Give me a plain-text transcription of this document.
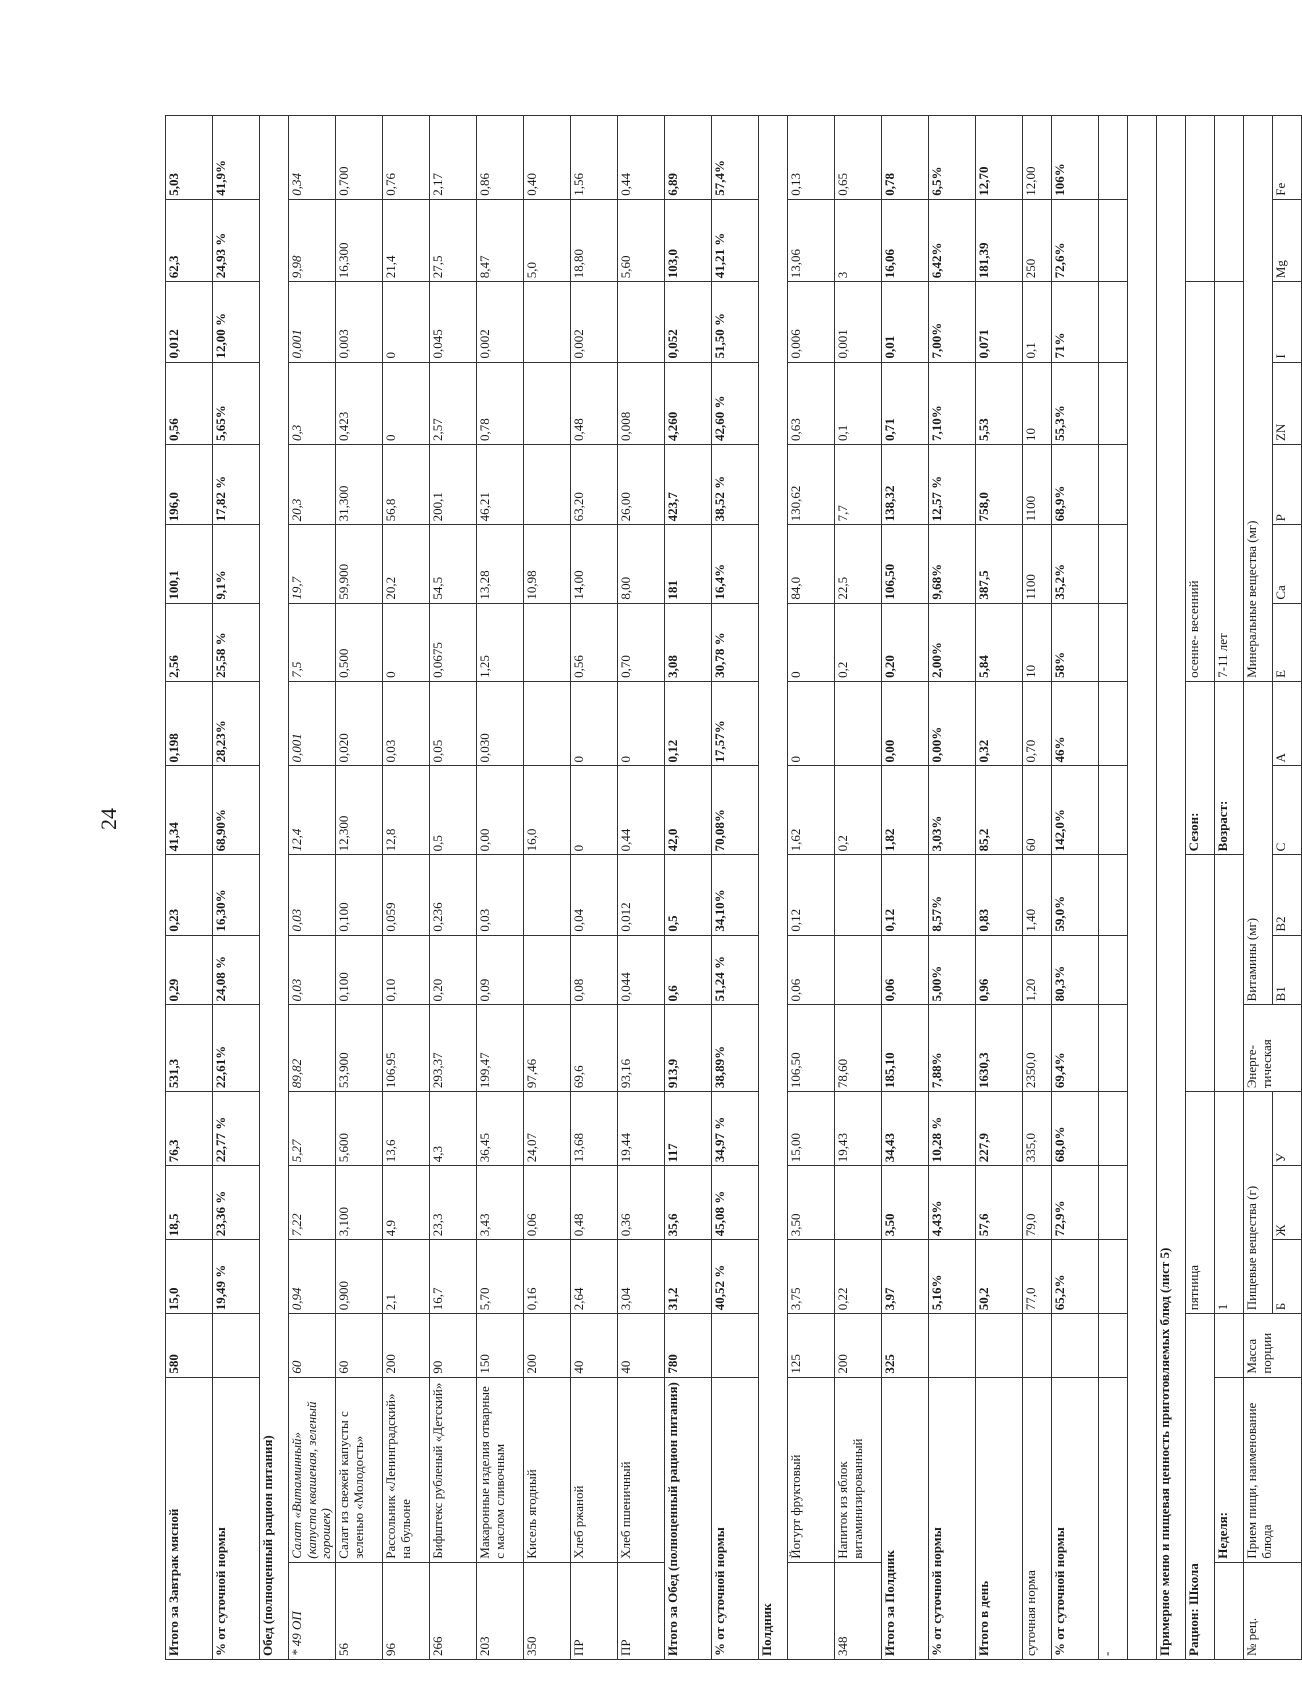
24
Итого за Завтрак мясной		580	15,0	18,5	76,3	531,3	0,29	0,23	41,34	0,198	2,56	100,1	196,0	0,56	0,012	62,3	5,03
% от суточной нормы			19,49 %	23,36 %	22,77 %	22,61%	24,08 %	16,30%	68,90%	28,23%	25,58 %	9,1%	17,82 %	5,65%	12,00 %	24,93 %	41,9%
Обед (полноценный рацион питания)																	
* 49 ОП	Салат «Витаминный» (капуста квашеная, зеленый горошек)	60	0,94	7,22	5,27	89,82	0,03	0,03	12,4	0,001	7,5	19,7	20,3	0,3	0,001	9,98	0,34
56	Салат из свежей капусты с зеленью «Молодость»	60	0,900	3,100	5,600	53,900	0,100	0,100	12,300	0,020	0,500	59,900	31,300	0,423	0,003	16,300	0,700
96	Рассольник «Ленинградский» на бульоне	200	2,1	4,9	13,6	106,95	0,10	0,059	12,8	0,03	0	20,2	56,8	0	0	21,4	0,76
266	Бифштекс рубленый «Детский»	90	16,7	23,3	4,3	293,37	0,20	0,236	0,5	0,05	0,0675	54,5	200,1	2,57	0,045	27,5	2,17
203	Макаронные изделия отварные с маслом сливочным	150	5,70	3,43	36,45	199,47	0,09	0,03	0,00	0,030	1,25	13,28	46,21	0,78	0,002	8,47	0,86
350	Кисель ягодный	200	0,16	0,06	24,07	97,46			16,0			10,98				5,0	0,40
ПР	Хлеб ржаной	40	2,64	0,48	13,68	69,6	0,08	0,04	0	0	0,56	14,00	63,20	0,48	0,002	18,80	1,56
ПР	Хлеб пшеничный	40	3,04	0,36	19,44	93,16	0,044	0,012	0,44	0	0,70	8,00	26,00	0,008		5,60	0,44
Итого за Обед (полноценный рацион питания)		780	31,2	35,6	117	913,9	0,6	0,5	42,0	0,12	3,08	181	423,7	4,260	0,052	103,0	6,89
% от суточной нормы			40,52 %	45,08 %	34,97 %	38,89%	51,24 %	34,10%	70,08%	17,57%	30,78 %	16,4%	38,52 %	42,60 %	51,50 %	41,21 %	57,4%
Полдник																	
	Йогурт фруктовый	125	3,75	3,50	15,00	106,50	0,06	0,12	1,62	0	0	84,0	130,62	0,63	0,006	13,06	0,13
348	Напиток из яблок витаминизированный	200	0,22		19,43	78,60			0,2		0,2	22,5	7,7	0,1	0,001	3	0,65
Итого за Полдник		325	3,97	3,50	34,43	185,10	0,06	0,12	1,82	0,00	0,20	106,50	138,32	0,71	0,01	16,06	0,78
% от суточной нормы			5,16%	4,43%	10,28 %	7,88%	5,00%	8,57%	3,03%	0,00%	2,00%	9,68%	12,57 %	7,10%	7,00%	6,42%	6,5%
Итого в день			50,2	57,6	227,9	1630,3	0,96	0,83	85,2	0,32	5,84	387,5	758,0	5,53	0,071	181,39	12,70
суточная норма			77,0	79,0	335,0	2350,0	1,20	1,40	60	0,70	10	1100	1100	10	0,1	250	12,00
% от суточной нормы			65,2%	72,9%	68,0%	69,4%	80,3%	59,0%	142,0%	46%	58%	35,2%	68,9%	55,3%	71%	72,6%	106%
-																	

Примерное меню и пищевая ценность приготовляемых блюд (лист 5)																	
Рацион: Школа			пятница						Сезон:		осенне- весенний						
	Неделя:		1						Возраст:		7-11 лет						
№ рец.	Прием пищи, наименование блюда	Масса порции	Пищевые вещества (г)			Энерге-тическая	Витамины (мг)				Минеральные вещества (мг)						
			Б	Ж	У		B1	B2	C	A	E	Ca	P	ZN	I	Mg	Fe
